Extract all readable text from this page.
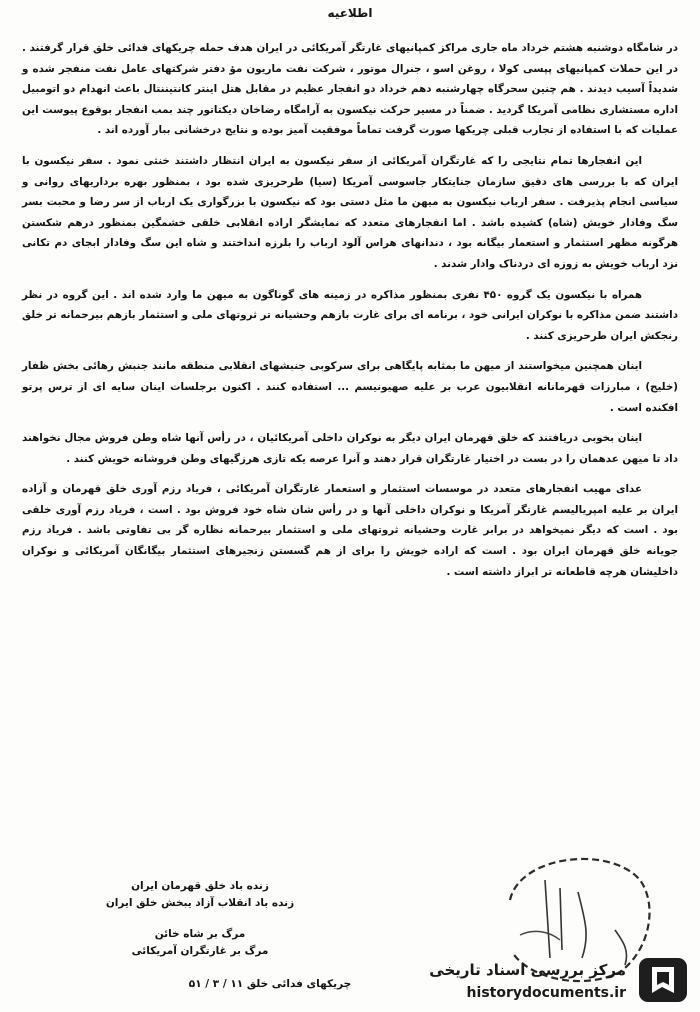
اطلاعیه

در شامگاه دوشنبه هشتم خرداد ماه جاری مراکز کمپانیهای غارتگر آمریکائی در ایران هدف حمله چریکهای فدائی خلق قرار گرفتند . در این حملات کمپانیهای پپسی کولا ، روغن اسو ، جنرال موتور ، شرکت نفت ماریون مؤ دفتر شرکتهای عامل نفت منفجر شده و شدیداً آسیب دیدند . هم چنین سحرگاه چهارشنبه دهم خرداد دو انفجار عظیم در مقابل هتل اینتر کانتیننتال باعث انهدام دو اتومبیل اداره مستشاری نظامی آمریکا گردید . ضمناً در مسیر حرکت نیکسون به آرامگاه رضاخان دیکتاتور چند بمب انفجار بوقوع پیوست این عملیات که با استفاده از تجارب قبلی چریکها صورت گرفت تماماً موفقیت آمیز بوده و نتایج درخشانی ببار آورده اند .

این انفجارها تمام نتایجی را که غارتگران آمریکائی از سفر نیکسون به ایران انتظار داشتند خنثی نمود . سفر نیکسون با ایران که با بررسی های دقیق سازمان جنایتکار جاسوسی آمریکا (سیا) طرحریزی شده بود ، بمنظور بهره برداریهای روانی و سیاسی انجام پذیرفت . سفر ارباب نیکسون به میهن ما مثل دستی بود که نیکسون با بزرگواری یک ارباب از سر رضا و محبت بسر سگ وفادار خویش (شاه) کشیده باشد . اما انفجارهای متعدد که نمایشگر اراده انقلابی خلقی خشمگین بمنظور درهم شکستن هرگونه مظهر استثمار و استعمار بیگانه بود ، دندانهای هراس آلود ارباب را بلرزه انداختند و شاه این سگ وفادار ابجای دم تکانی نزد ارباب خویش به زوزه ای دردناک وادار شدند .

همراه با نیکسون یک گروه ۴۵۰ نفری بمنظور مذاکره در زمینه های گوناگون به میهن ما وارد شده اند . این گروه در نظر داشتند ضمن مذاکره با نوکران ایرانی خود ، برنامه ای برای غارت بازهم وحشیانه تر ثروتهای ملی و استثمار بازهم بیرحمانه تر خلق رنجکش ایران طرحریزی کنند .

اینان همچنین میخواستند از میهن ما بمثابه پایگاهی برای سرکوبی جنبشهای انقلابی منطقه مانند جنبش رهائی بخش ظفار (خلیج) ، مبارزات قهرمانانه انقلابیون عرب بر علیه صهیونیسم ... استفاده کنند . اکنون برجلسات اینان سایه ای از ترس پرتو افکنده است .

اینان بخوبی دریافتند که خلق قهرمان ایران دیگر به نوکران داخلی آمریکائیان ، در رأس آنها شاه وطن فروش مجال نخواهند داد تا میهن عدهمان را در بست در اختیار غارتگران قرار دهند و آنرا عرصه یکه تازی هرزگیهای وطن فروشانه خویش کنند .

عدای مهیب انفجارهای متعدد در موسسات استثمار و استعمار غارتگران آمریکائی ، فریاد رزم آوری خلق قهرمان و آزاده ایران بر علیه امپریالیسم غارتگر آمریکا و نوکران داخلی آنها و در رأس شان شاه خود فروش بود . است ، فریاد رزم آوری خلقی بود . است که دیگر نمیخواهد در برابر غارت وحشیانه ثروتهای ملی و استثمار بیرحمانه نظاره گر بی تفاوتی باشد . فریاد رزم جویانه خلق قهرمان ایران بود . است که اراده خویش را برای از هم گسستن زنجیرهای استثمار بیگانگان آمریکائی و نوکران داخلیشان هرچه قاطعانه تر ابراز داشته است .

زنده باد خلق قهرمان ایران
زنده باد انقلاب آزاد یبخش خلق ایران
مرگ بر شاه خائن
مرگ بر غارتگران آمریکائی
چریکهای فدائی خلق ۱۱ / ۳ / ۵۱
مرکز بررسی اسناد تاریخی
historydocuments.ir
